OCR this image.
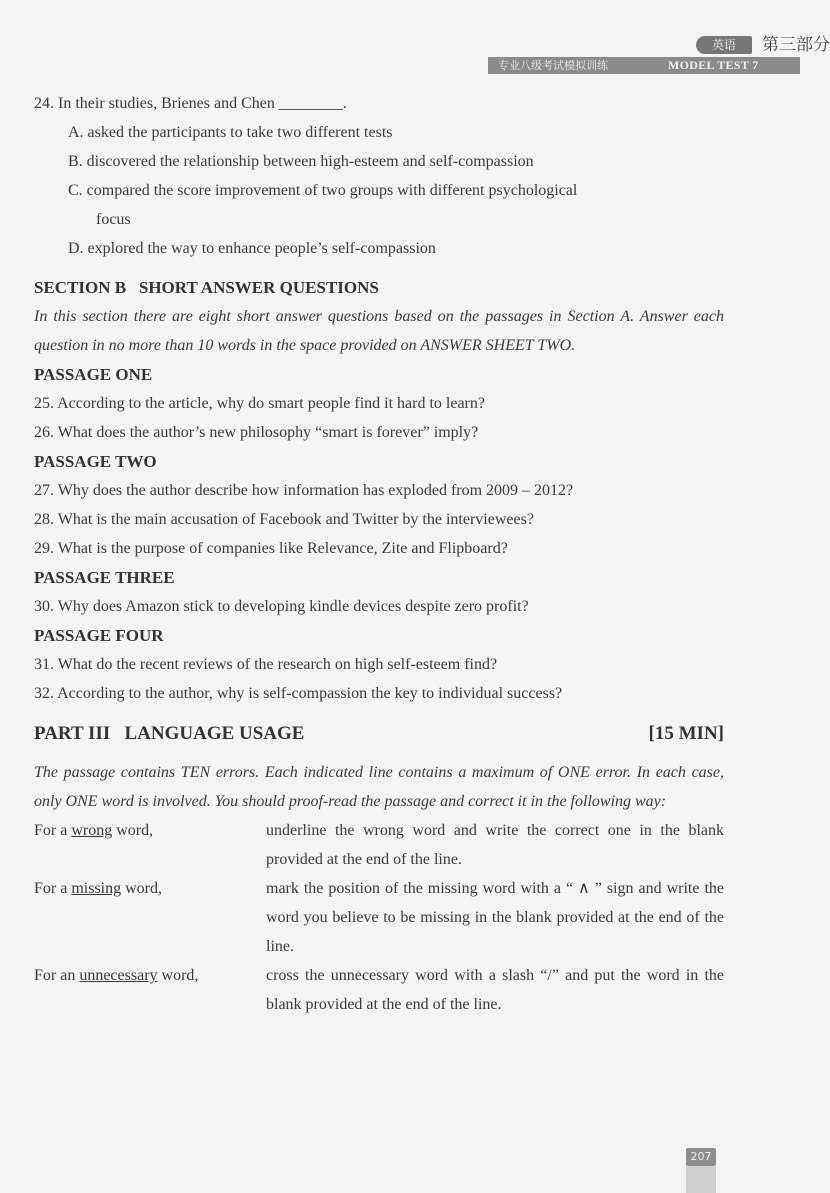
英语	第三部分
专业八级考试模拟训练	MODEL TEST 7
24. In their studies, Brienes and Chen ________.
A. asked the participants to take two different tests
B. discovered the relationship between high-esteem and self-compassion
C. compared the score improvement of two groups with different psychological
focus
D. explored the way to enhance people’s self-compassion
SECTION B   SHORT ANSWER QUESTIONS
In this section there are eight short answer questions based on the passages in Section A. Answer each question in no more than 10 words in the space provided on ANSWER SHEET TWO.
PASSAGE ONE
25. According to the article, why do smart people find it hard to learn?
26. What does the author’s new philosophy “smart is forever” imply?
PASSAGE TWO
27. Why does the author describe how information has exploded from 2009 – 2012?
28. What is the main accusation of Facebook and Twitter by the interviewees?
29. What is the purpose of companies like Relevance, Zite and Flipboard?
PASSAGE THREE
30. Why does Amazon stick to developing kindle devices despite zero profit?
PASSAGE FOUR
31. What do the recent reviews of the research on high self-esteem find?
32. According to the author, why is self-compassion the key to individual success?
PART III   LANGUAGE USAGE	[15 MIN]
The passage contains TEN errors. Each indicated line contains a maximum of ONE error. In each case, only ONE word is involved. You should proof-read the passage and correct it in the following way:
For a wrong word,	underline the wrong word and write the correct one in the blank provided at the end of the line.
For a missing word,	mark the position of the missing word with a “ ∧ ” sign and write the word you believe to be missing in the blank provided at the end of the line.
For an unnecessary word,	cross the unnecessary word with a slash “/” and put the word in the blank provided at the end of the line.
207
